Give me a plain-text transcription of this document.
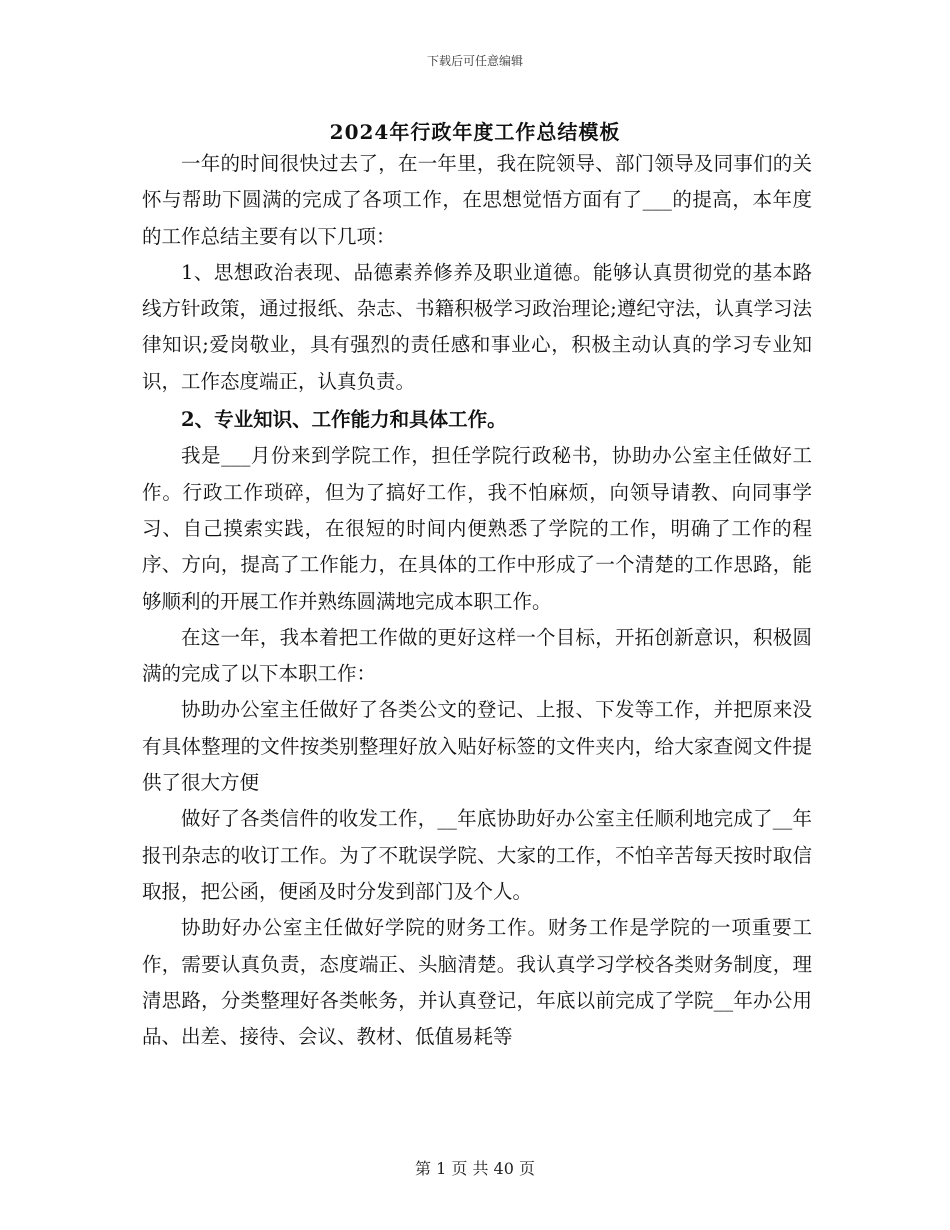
下载后可任意编辑
2024年行政年度工作总结模板

一年的时间很快过去了，在一年里，我在院领导、部门领导及同事们的关怀与帮助下圆满的完成了各项工作，在思想觉悟方面有了___的提高，本年度的工作总结主要有以下几项：

1、思想政治表现、品德素养修养及职业道德。能够认真贯彻党的基本路线方针政策，通过报纸、杂志、书籍积极学习政治理论;遵纪守法，认真学习法律知识;爱岗敬业，具有强烈的责任感和事业心，积极主动认真的学习专业知识，工作态度端正，认真负责。

2、专业知识、工作能力和具体工作。

我是___月份来到学院工作，担任学院行政秘书，协助办公室主任做好工作。行政工作琐碎，但为了搞好工作，我不怕麻烦，向领导请教、向同事学习、自己摸索实践，在很短的时间内便熟悉了学院的工作，明确了工作的程序、方向，提高了工作能力，在具体的工作中形成了一个清楚的工作思路，能够顺利的开展工作并熟练圆满地完成本职工作。

在这一年，我本着把工作做的更好这样一个目标，开拓创新意识，积极圆满的完成了以下本职工作：

协助办公室主任做好了各类公文的登记、上报、下发等工作，并把原来没有具体整理的文件按类别整理好放入贴好标签的文件夹内，给大家查阅文件提供了很大方便

做好了各类信件的收发工作，__年底协助好办公室主任顺利地完成了__年报刊杂志的收订工作。为了不耽误学院、大家的工作，不怕辛苦每天按时取信取报，把公函，便函及时分发到部门及个人。

协助好办公室主任做好学院的财务工作。财务工作是学院的一项重要工作，需要认真负责，态度端正、头脑清楚。我认真学习学校各类财务制度，理清思路，分类整理好各类帐务，并认真登记，年底以前完成了学院__年办公用品、出差、接待、会议、教材、低值易耗等

第 1 页 共 40 页
